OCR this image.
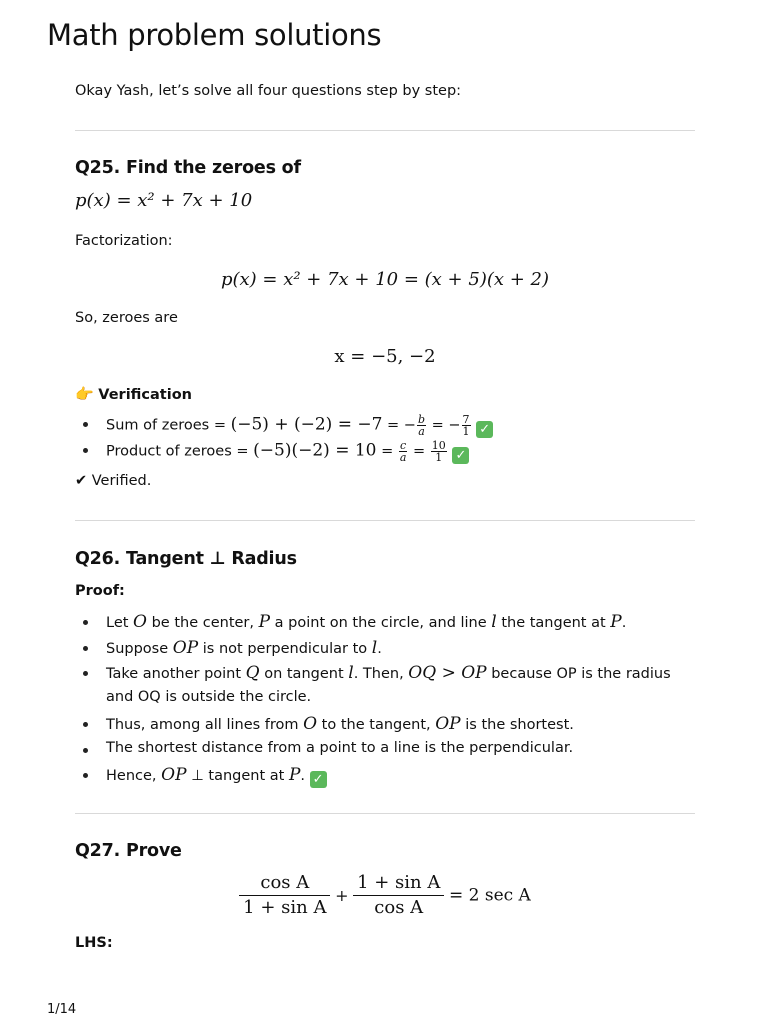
Math problem solutions
Okay Yash, let’s solve all four questions step by step:
Q25. Find the zeroes of
p(x) = x² + 7x + 10
Factorization:
p(x) = x² + 7x + 10 = (x + 5)(x + 2)
So, zeroes are
x = −5, −2
👉 Verification
Sum of zeroes = (−5) + (−2) = −7 = − $\frac{b}{a}$ = − $\frac{7}{1}$ ✓
Product of zeroes = $(-5)(-2) = 10 = \frac{c}{a} = \frac{10}{1}$ ✓
✔ Verified.
Q26. Tangent ⊥ Radius
Proof:
Let O be the center, P a point on the circle, and line l the tangent at P.
Suppose OP is not perpendicular to l.
Take another point Q on tangent l. Then, OQ > OP because OP is the radius
and OQ is outside the circle.
Thus, among all lines from O to the tangent, OP is the shortest.
The shortest distance from a point to a line is the perpendicular.
Hence, OP ⊥ tangent at P. ✓
Q27. Prove
$\frac{\text{cos A}}{\text{1 + sin A}} + \frac{\text{1 + sin A}}{\text{cos A}} = 2$ sec A
LHS:
1/14
